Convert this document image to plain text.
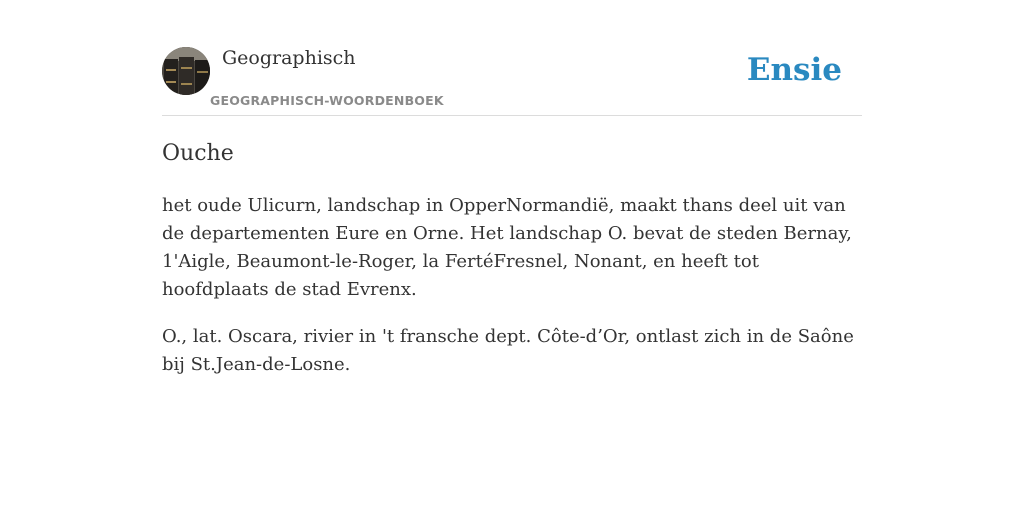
Geographisch
GEOGRAPHISCH-WOORDENBOEK
Ensie
Ouche

het oude Ulicurn, landschap in OpperNormandië, maakt thans deel uit van de departementen Eure en Orne. Het landschap O. bevat de steden Bernay, 1'Aigle, Beaumont-le-Roger, la FertéFresnel, Nonant, en heeft tot hoofdplaats de stad Evrenx.

O., lat. Oscara, rivier in 't fransche dept. Côte-d’Or, ontlast zich in de Saône bij St.Jean-de-Losne.
